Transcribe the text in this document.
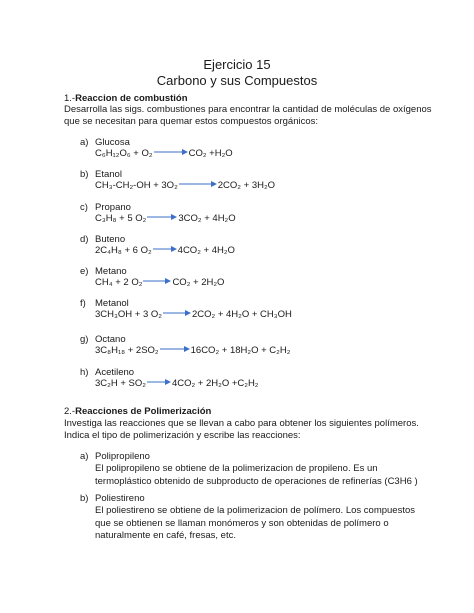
Ejercicio 15
Carbono y sus Compuestos
1.-Reaccion de combustión
Desarrolla las sigs. combustiones para encontrar la cantidad de moléculas de oxígenos
que se necesitan para quemar estos compuestos orgánicos:
a) Glucosa
C₆H₁₂O₆ + O₂ → CO₂ +H₂O
b) Etanol
CH₃-CH₂-OH + 3O₂ → 2CO₂ + 3H₂O
c) Propano
C₃H₈ + 5 O₂ → 3CO₂ + 4H₂O
d) Buteno
2C₄H₈ + 6 O₂ → 4CO₂ + 4H₂O
e) Metano
CH₄ + 2 O₂ → CO₂ + 2H₂O
f) Metanol
3CH₃OH + 3 O₂ → 2CO₂ + 4H₂O + CH₃OH
g) Octano
3C₈H₁₈ + 2SO₂ → 16CO₂ + 18H₂O + C₂H₂
h) Acetileno
3C₂H + SO₂ → 4CO₂ + 2H₂O +C₂H₂
2.-Reacciones de Polimerización
Investiga las reacciones que se llevan a cabo para obtener los siguientes polímeros.
Indica el tipo de polimerización y escribe las reacciones:
a) Polipropileno
El polipropileno se obtiene de la polimerizacion de propileno. Es un
termoplástico obtenido de subproducto de operaciones de refinerías (C3H6 )
b) Poliestireno
El poliestireno se obtiene de la polimerizacion de polímero. Los compuestos
que se obtienen se llaman monómeros y son obtenidas de polímero o
naturalmente en café, fresas, etc.
